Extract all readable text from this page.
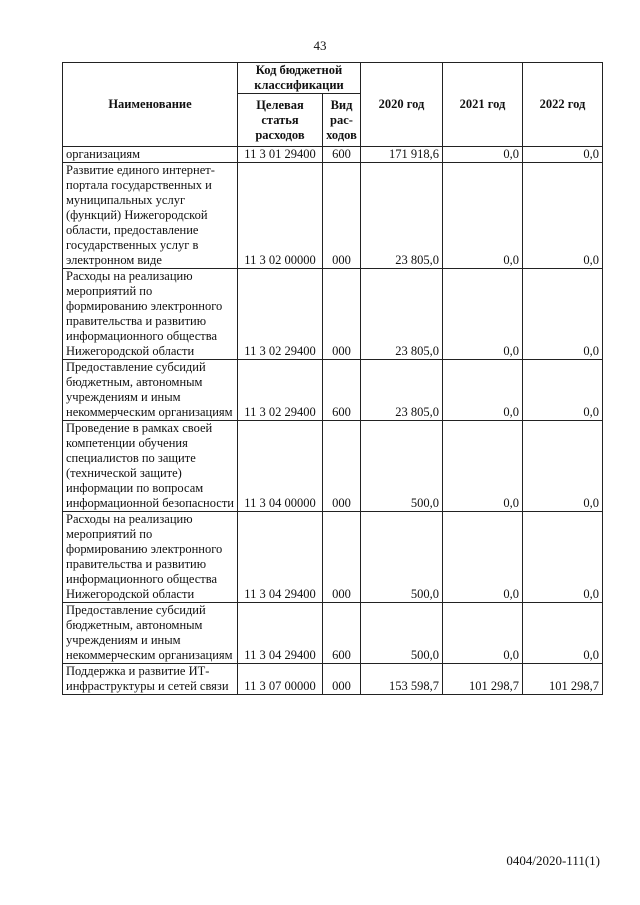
43
Наименование	Код бюджетной классификации		2020 год	2021 год	2022 год
	Целевая статья расходов	Вид рас-ходов			
организациям	11 3 01 29400	600	171 918,6	0,0	0,0
Развитие единого интернет-портала государственных и муниципальных услуг (функций) Нижегородской области, предоставление государственных услуг в электронном виде	11 3 02 00000	000	23 805,0	0,0	0,0
Расходы на реализацию мероприятий по формированию электронного правительства и развитию информационного общества Нижегородской области	11 3 02 29400	000	23 805,0	0,0	0,0
Предоставление субсидий бюджетным, автономным учреждениям и иным некоммерческим организациям	11 3 02 29400	600	23 805,0	0,0	0,0
Проведение в рамках своей компетенции обучения специалистов по защите (технической защите) информации по вопросам информационной безопасности	11 3 04 00000	000	500,0	0,0	0,0
Расходы на реализацию мероприятий по формированию электронного правительства и развитию информационного общества Нижегородской области	11 3 04 29400	000	500,0	0,0	0,0
Предоставление субсидий бюджетным, автономным учреждениям и иным некоммерческим организациям	11 3 04 29400	600	500,0	0,0	0,0
Поддержка и развитие ИТ-инфраструктуры и сетей связи	11 3 07 00000	000	153 598,7	101 298,7	101 298,7
0404/2020-111(1)
